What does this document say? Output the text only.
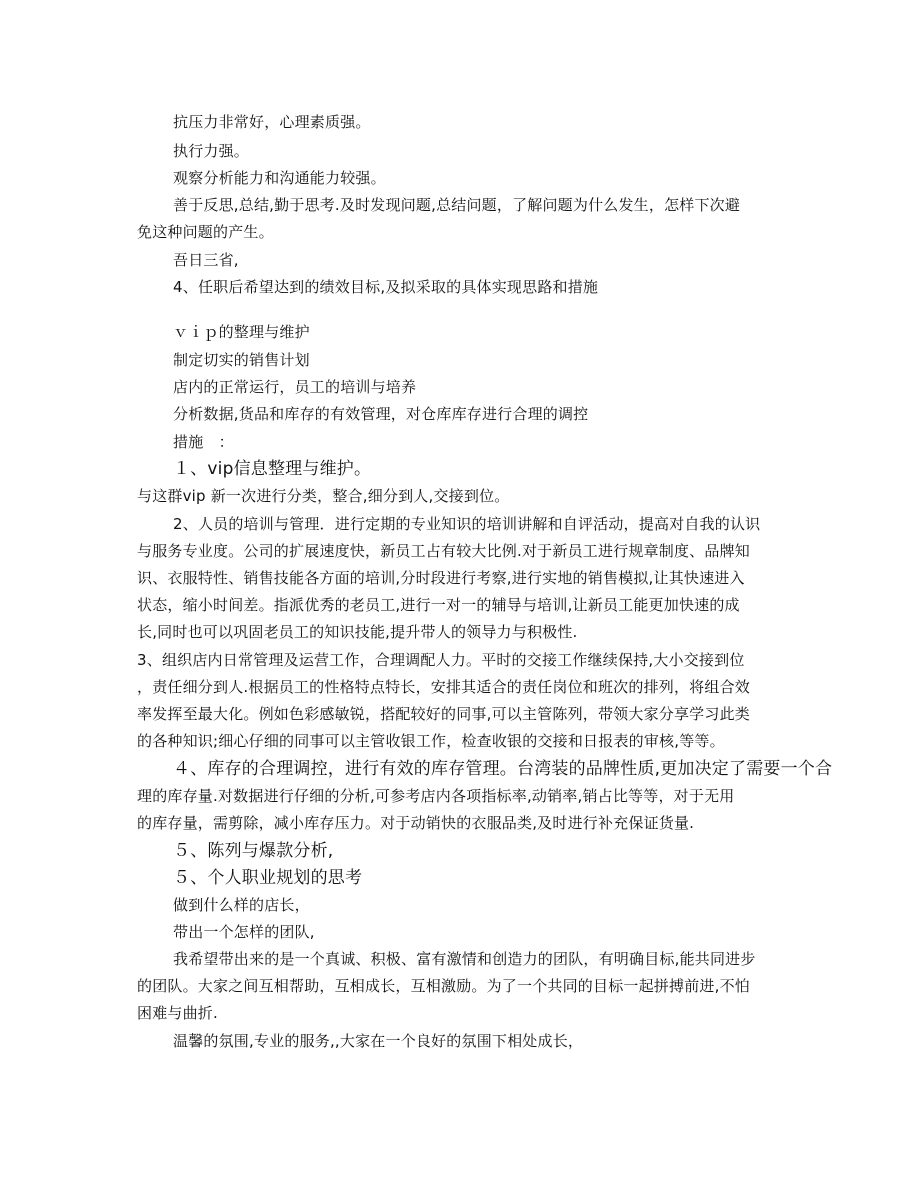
抗压力非常好，心理素质强。
执行力强。
观察分析能力和沟通能力较强。
善于反思,总结,勤于思考.及时发现问题,总结问题，了解问题为什么发生，怎样下次避
免这种问题的产生。
吾日三省,
4、任职后希望达到的绩效目标,及拟采取的具体实现思路和措施
ｖｉｐ的整理与维护
制定切实的销售计划
店内的正常运行，员工的培训与培养
分析数据,货品和库存的有效管理，对仓库库存进行合理的调控
措施　：
１、vip信息整理与维护。
与这群vip 新一次进行分类，整合,细分到人,交接到位。
2、人员的培训与管理．进行定期的专业知识的培训讲解和自评活动，提高对自我的认识
与服务专业度。公司的扩展速度快，新员工占有较大比例.对于新员工进行规章制度、品牌知
识、衣服特性、销售技能各方面的培训,分时段进行考察,进行实地的销售模拟,让其快速进入
状态，缩小时间差。指派优秀的老员工,进行一对一的辅导与培训,让新员工能更加快速的成
长,同时也可以巩固老员工的知识技能,提升带人的领导力与积极性.
3、组织店内日常管理及运营工作，合理调配人力。平时的交接工作继续保持,大小交接到位
，责任细分到人.根据员工的性格特点特长，安排其适合的责任岗位和班次的排列，将组合效
率发挥至最大化。例如色彩感敏锐，搭配较好的同事,可以主管陈列，带领大家分享学习此类
的各种知识;细心仔细的同事可以主管收银工作，检查收银的交接和日报表的审核,等等。
４、库存的合理调控，进行有效的库存管理。台湾装的品牌性质,更加决定了需要一个合
理的库存量.对数据进行仔细的分析,可参考店内各项指标率,动销率,销占比等等，对于无用
的库存量，需剪除，减小库存压力。对于动销快的衣服品类,及时进行补充保证货量.
５、陈列与爆款分析,
５、个人职业规划的思考
做到什么样的店长，
带出一个怎样的团队,
我希望带出来的是一个真诚、积极、富有激情和创造力的团队，有明确目标,能共同进步
的团队。大家之间互相帮助，互相成长，互相激励。为了一个共同的目标一起拼搏前进,不怕
困难与曲折.
温馨的氛围,专业的服务,,大家在一个良好的氛围下相处成长，
